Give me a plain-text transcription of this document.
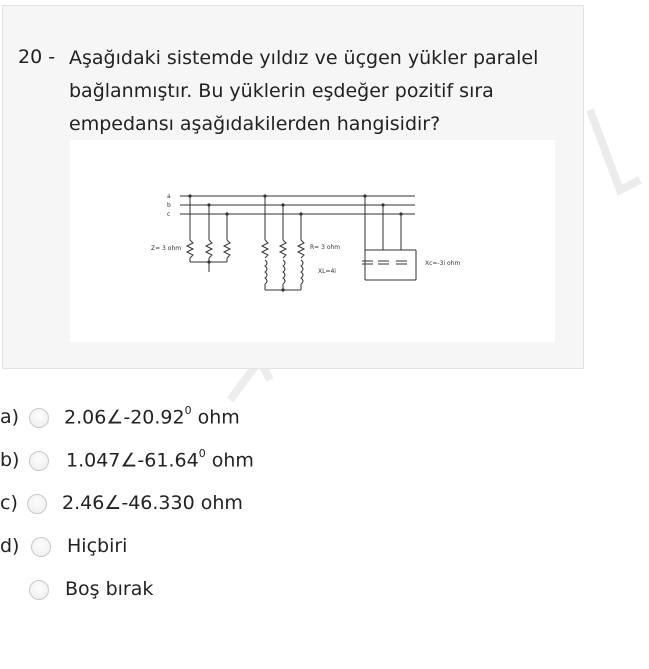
20 - Aşağıdaki sistemde yıldız ve üçgen yükler paralel bağlanmıştır. Bu yüklerin eşdeğer pozitif sıra empedansı aşağıdakilerden hangisidir?
a
b
c
Z= 3 ohm	R= 3 ohm
XL=4i
Xc=-3i ohm
a) 2.06∠-20.92$^0$ ohm
b) 1.047∠-61.64$^0$ ohm
c) 2.46∠-46.330 ohm
d)	Hiçbiri
Boş bırak
